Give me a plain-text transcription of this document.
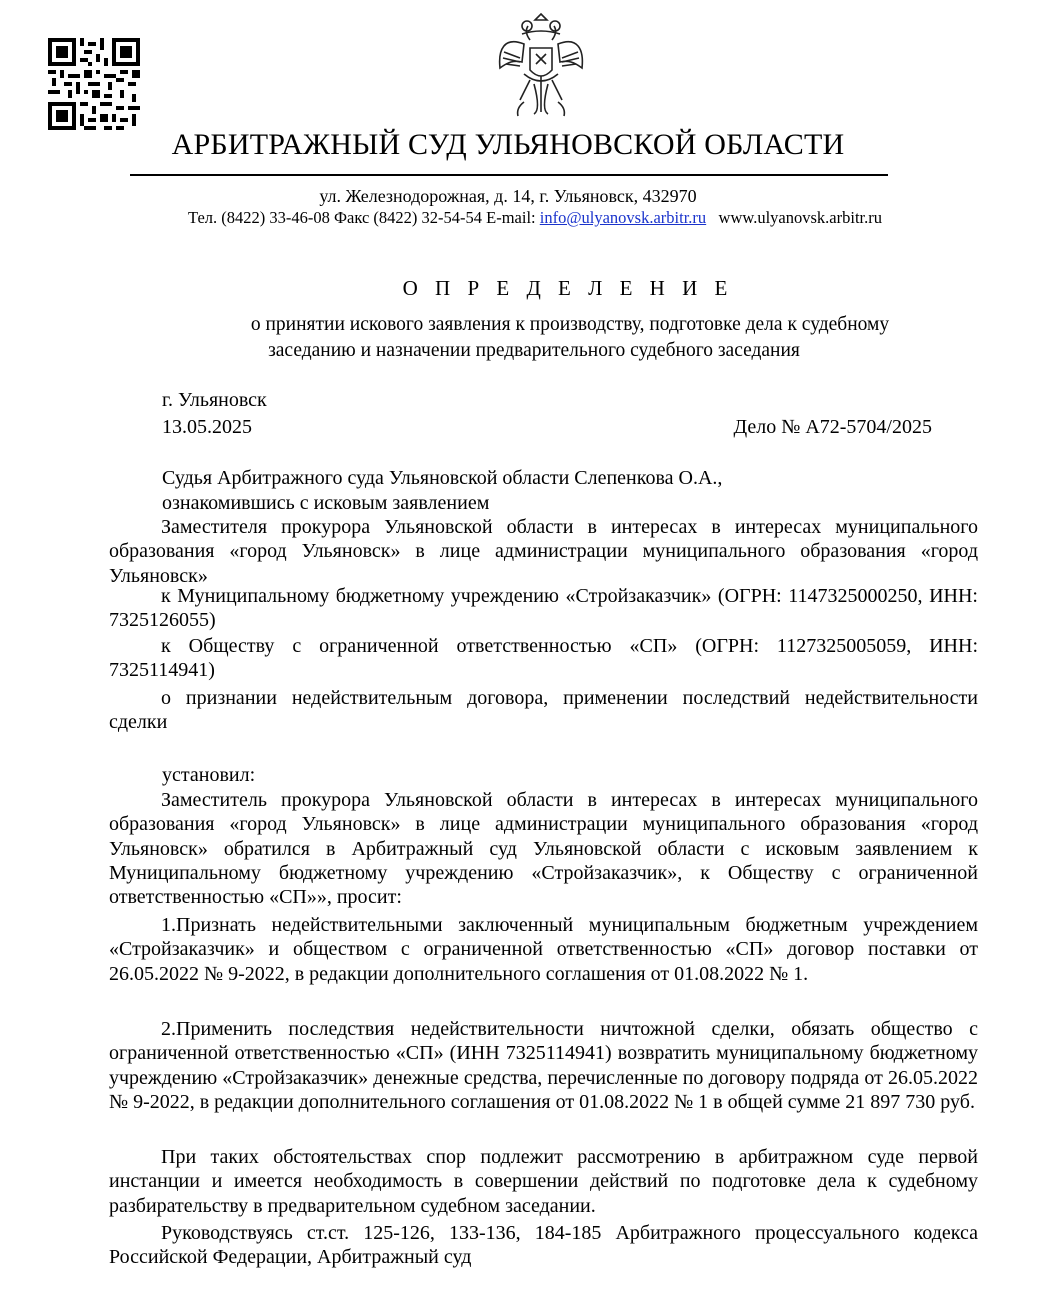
АРБИТРАЖНЫЙ СУД УЛЬЯНОВСКОЙ ОБЛАСТИ
ул. Железнодорожная, д. 14, г. Ульяновск, 432970
Тел. (8422) 33-46-08 Факс (8422) 32-54-54 E-mail: info@ulyanovsk.arbitr.ru www.ulyanovsk.arbitr.ru
О П Р Е Д Е Л Е Н И Е
о принятии искового заявления к производству, подготовке дела к судебному
заседанию и назначении предварительного судебного заседания
г. Ульяновск
13.05.2025	Дело № А72-5704/2025
Судья Арбитражного суда Ульяновской области Слепенкова О.А.,
ознакомившись с исковым заявлением
Заместителя прокурора Ульяновской области в интересах в интересах муниципального образования «город Ульяновск» в лице администрации муниципального образования «город Ульяновск»
к Муниципальному бюджетному учреждению «Стройзаказчик» (ОГРН: 1147325000250, ИНН: 7325126055)
к Обществу с ограниченной ответственностью «СП» (ОГРН: 1127325005059, ИНН: 7325114941)
о признании недействительным договора, применении последствий недействительности сделки
установил:
Заместитель прокурора Ульяновской области в интересах в интересах муниципального образования «город Ульяновск» в лице администрации муниципального образования «город Ульяновск» обратился в Арбитражный суд Ульяновской области с исковым заявлением к Муниципальному бюджетному учреждению «Стройзаказчик», к Обществу с ограниченной ответственностью «СП»», просит:
1.Признать недействительными заключенный муниципальным бюджетным учреждением «Стройзаказчик» и обществом с ограниченной ответственностью «СП» договор поставки от 26.05.2022 № 9-2022, в редакции дополнительного соглашения от 01.08.2022 № 1.
2.Применить последствия недействительности ничтожной сделки, обязать общество с ограниченной ответственностью «СП» (ИНН 7325114941) возвратить муниципальному бюджетному учреждению «Стройзаказчик» денежные средства, перечисленные по договору подряда от 26.05.2022 № 9-2022, в редакции дополнительного соглашения от 01.08.2022 № 1 в общей сумме 21 897 730 руб.
При таких обстоятельствах спор подлежит рассмотрению в арбитражном суде первой инстанции и имеется необходимость в совершении действий по подготовке дела к судебному разбирательству в предварительном судебном заседании.
Руководствуясь ст.ст. 125-126, 133-136, 184-185 Арбитражного процессуального кодекса Российской Федерации, Арбитражный суд
